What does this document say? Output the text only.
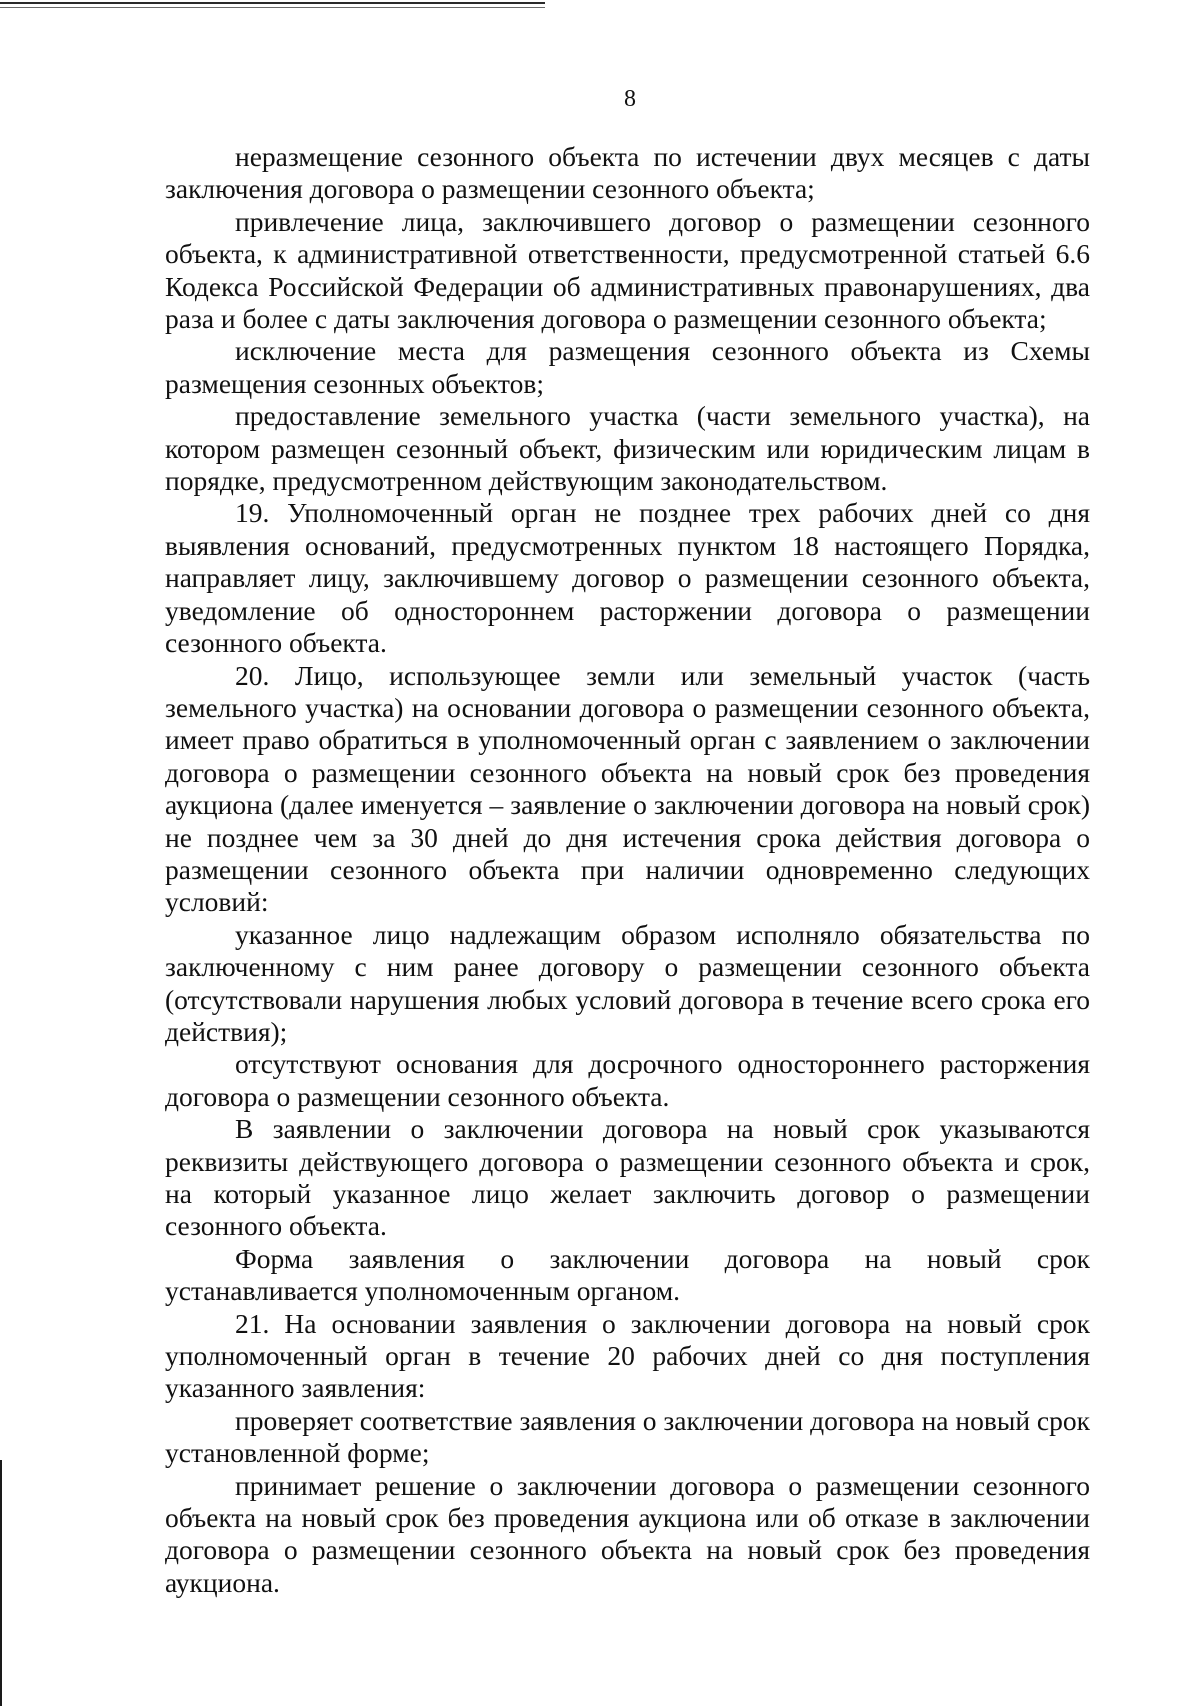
8

неразмещение сезонного объекта по истечении двух месяцев с даты заключения договора о размещении сезонного объекта;

привлечение лица, заключившего договор о размещении сезонного объекта, к административной ответственности, предусмотренной статьей 6.6 Кодекса Российской Федерации об административных правонарушениях, два раза и более с даты заключения договора о размещении сезонного объекта;

исключение места для размещения сезонного объекта из Схемы размещения сезонных объектов;

предоставление земельного участка (части земельного участка), на котором размещен сезонный объект, физическим или юридическим лицам в порядке, предусмотренном действующим законодательством.

19. Уполномоченный орган не позднее трех рабочих дней со дня выявления оснований, предусмотренных пунктом 18 настоящего Порядка, направляет лицу, заключившему договор о размещении сезонного объекта, уведомление об одностороннем расторжении договора о размещении сезонного объекта.

20. Лицо, использующее земли или земельный участок (часть земельного участка) на основании договора о размещении сезонного объекта, имеет право обратиться в уполномоченный орган с заявлением о заключении договора о размещении сезонного объекта на новый срок без проведения аукциона (далее именуется – заявление о заключении договора на новый срок) не позднее чем за 30 дней до дня истечения срока действия договора о размещении сезонного объекта при наличии одновременно следующих условий:

указанное лицо надлежащим образом исполняло обязательства по заключенному с ним ранее договору о размещении сезонного объекта (отсутствовали нарушения любых условий договора в течение всего срока его действия);

отсутствуют основания для досрочного одностороннего расторжения договора о размещении сезонного объекта.

В заявлении о заключении договора на новый срок указываются реквизиты действующего договора о размещении сезонного объекта и срок, на который указанное лицо желает заключить договор о размещении сезонного объекта.

Форма заявления о заключении договора на новый срок устанавливается уполномоченным органом.

21. На основании заявления о заключении договора на новый срок уполномоченный орган в течение 20 рабочих дней со дня поступления указанного заявления:

проверяет соответствие заявления о заключении договора на новый срок установленной форме;

принимает решение о заключении договора о размещении сезонного объекта на новый срок без проведения аукциона или об отказе в заключении договора о размещении сезонного объекта на новый срок без проведения аукциона.
